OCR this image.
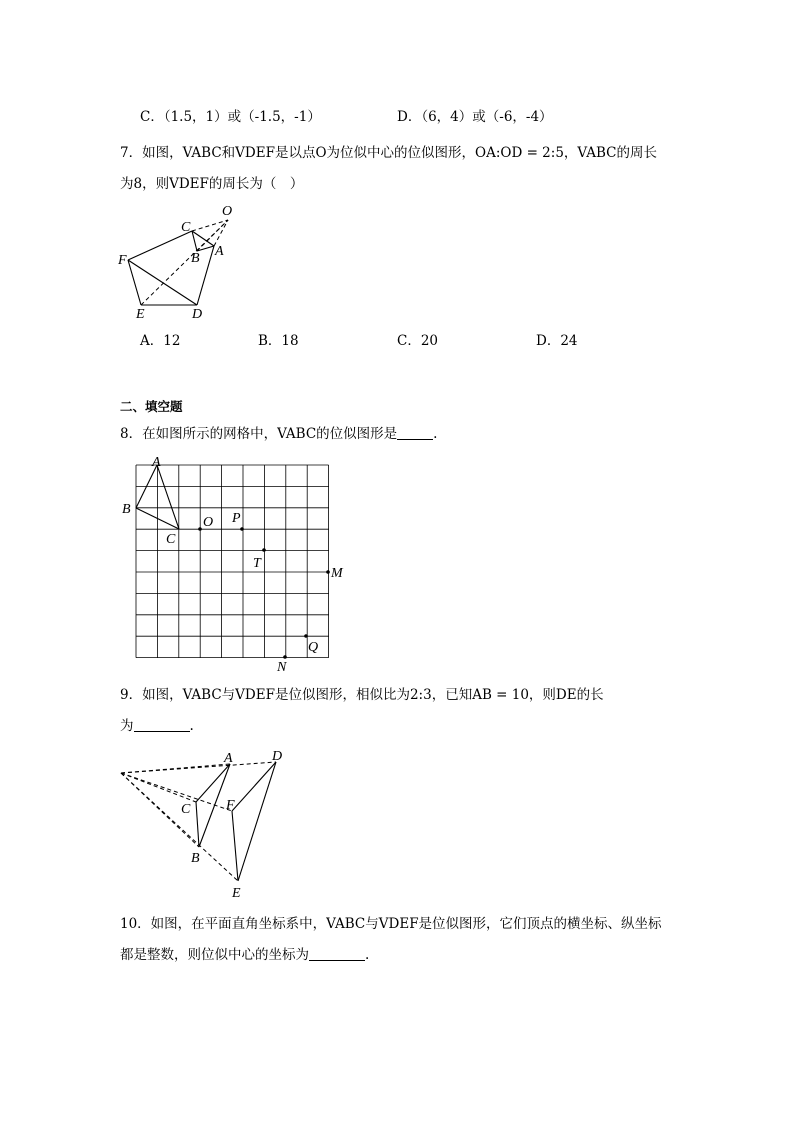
C．（1.5，1）或（-1.5，-1）	D．（6，4）或（-6，-4）
7．如图，VABC和VDEF是以点O为位似中心的位似图形，OA:OD = 2:5，VABC的周长
为8，则VDEF的周长为（　）
O
C
B A
F
E	D
A．12	B．18	C．20	D．24
二、填空题
8．在如图所示的网格中，VABC的位似图形是	.
A
B
C
O P
T
M
Q
N
9．如图，VABC与VDEF是位似图形，相似比为2:3，已知AB = 10，则DE的长
为	.
A	D
C	F
B
E
10．如图，在平面直角坐标系中，VABC与VDEF是位似图形，它们顶点的横坐标、纵坐标
都是整数，则位似中心的坐标为	.
